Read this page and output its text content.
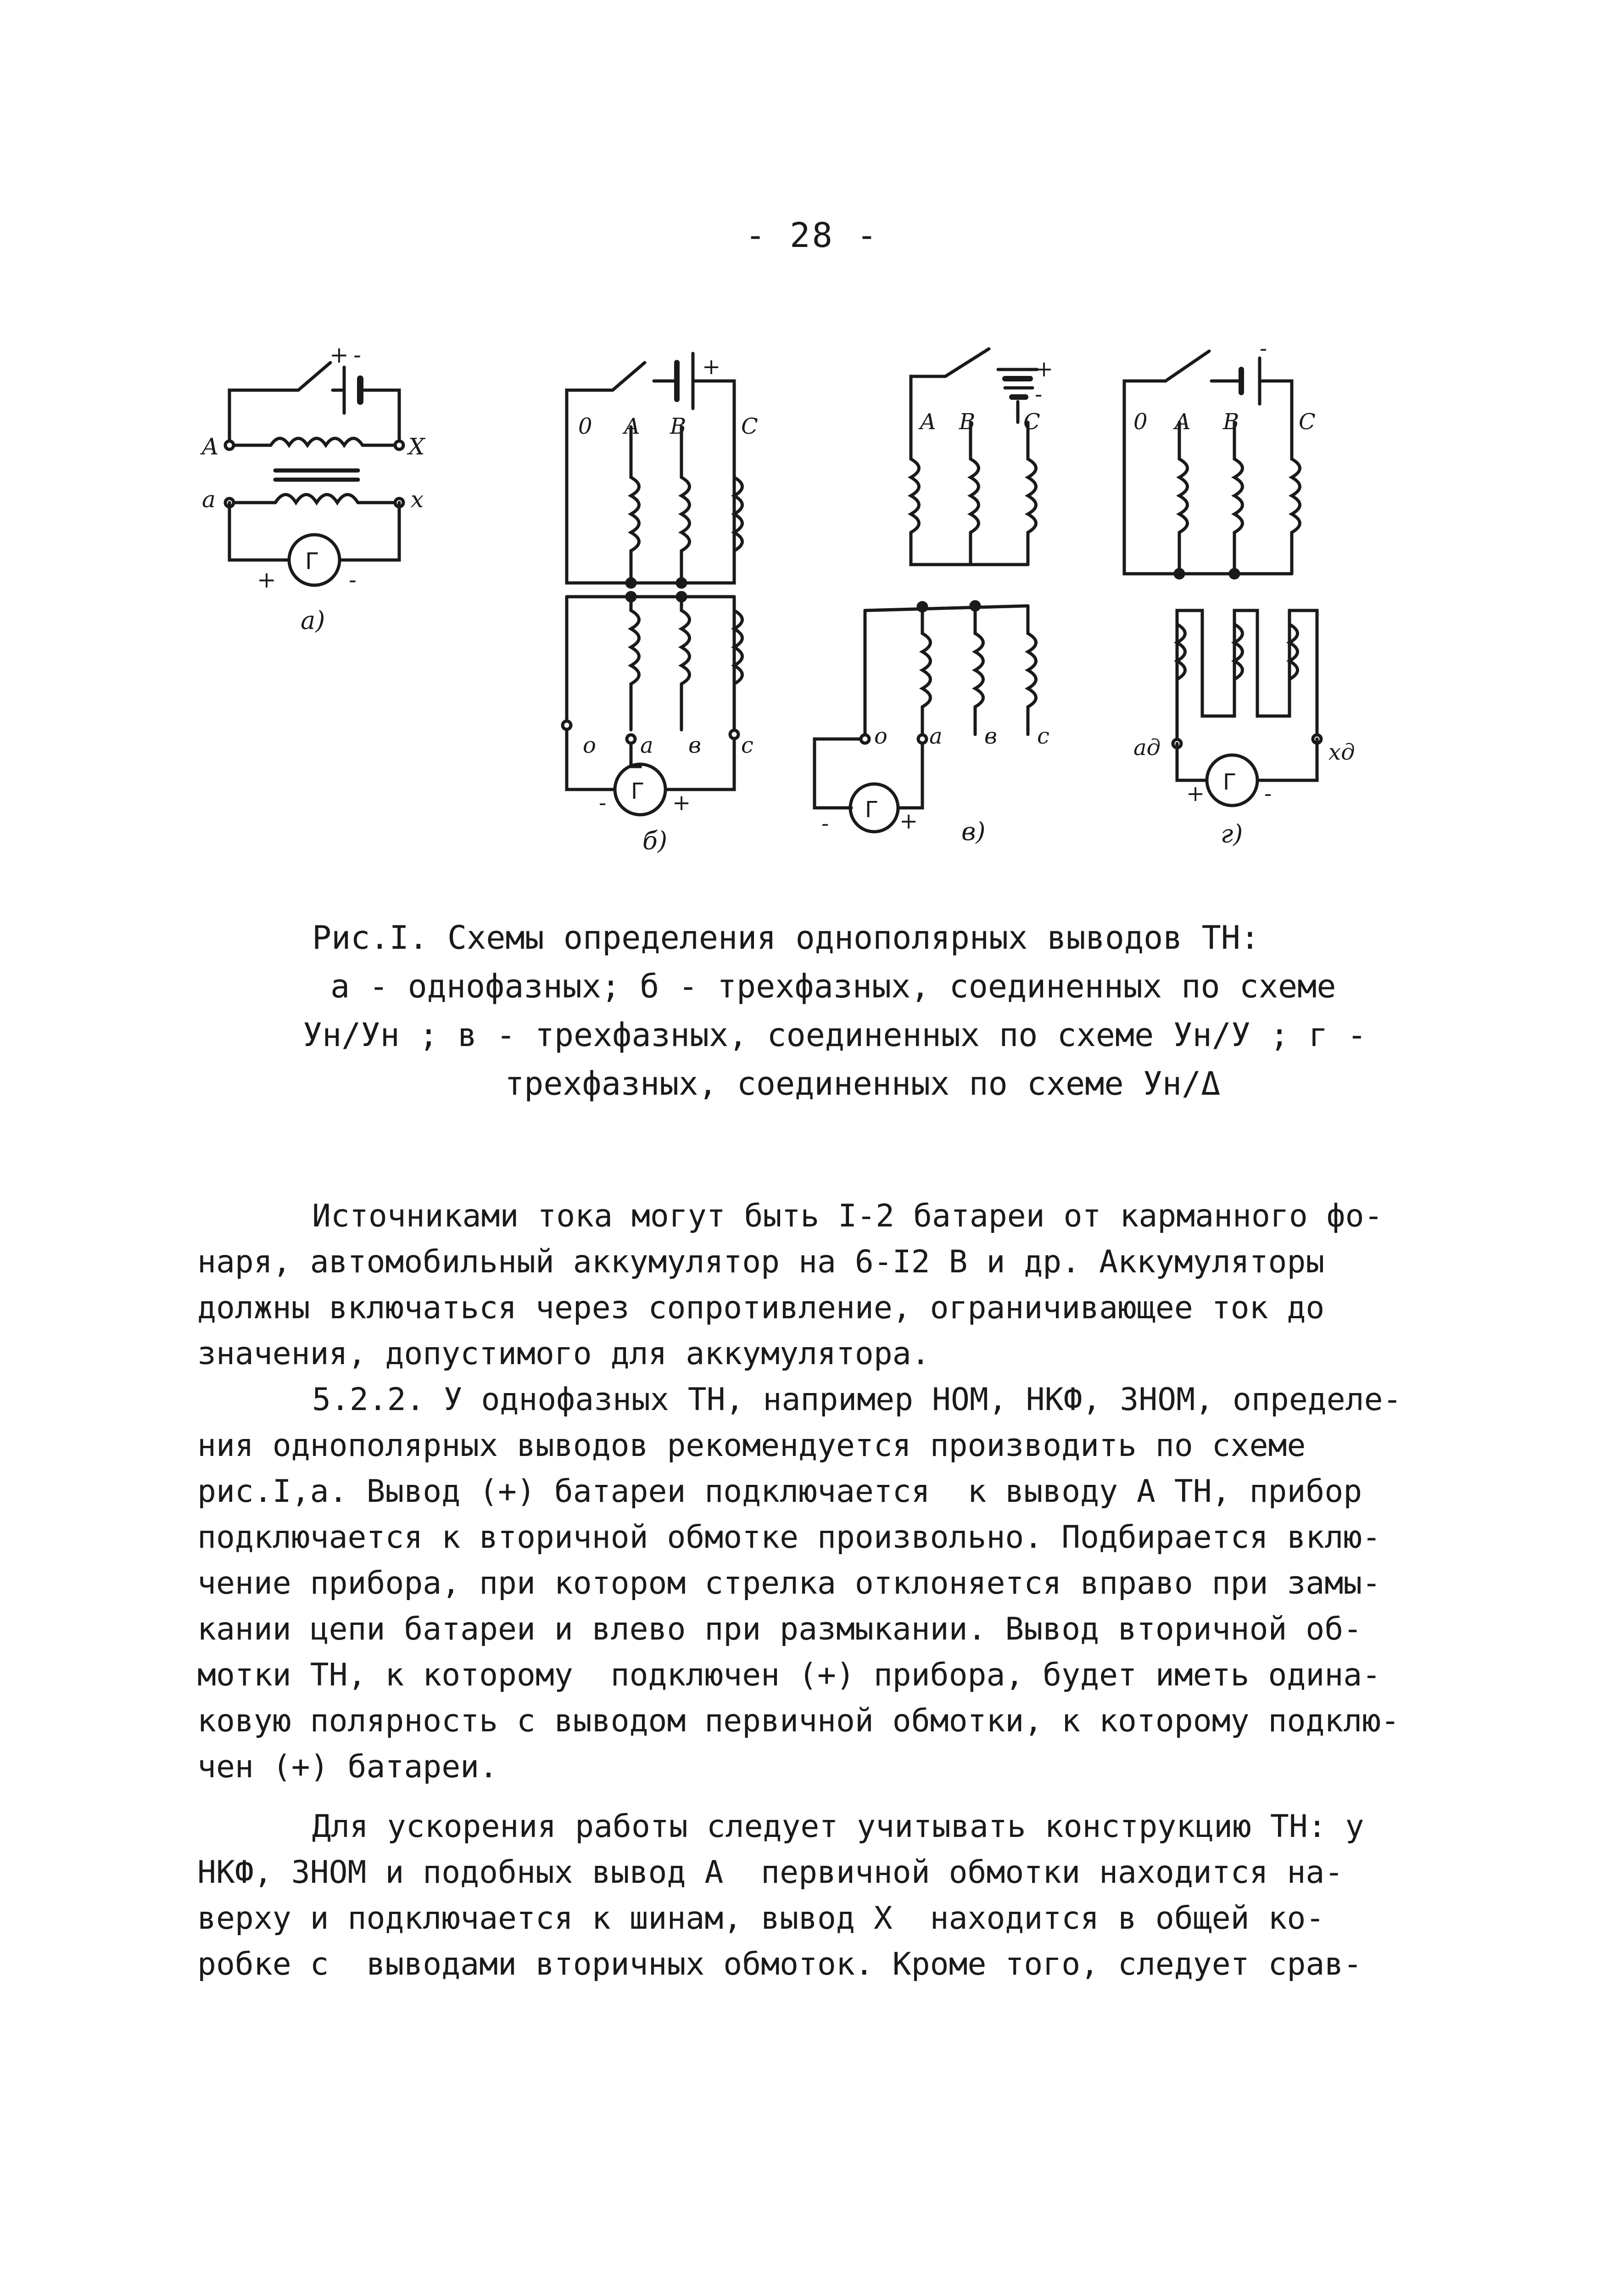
- 28 -
+ -
A	X
a	x
Г
+	-
а)
+
0 A B C
о а в с
Г
-	+
б)
+
-
A B C
о а в с
Г
-	+ в)
-
0 A B	C
aд	xд
Г
+	-
г)
Рис.I. Схемы определения однополярных выводов ТН:
а - однофазных; б - трехфазных, соединенных по схеме
Ун/Ун ; в - трехфазных, соединенных по схеме Ун/У ; г -
трехфазных, соединенных по схеме Ун/Δ
Источниками тока могут быть I-2 батареи от карманного фо-
наря, автомобильный аккумулятор на 6-I2 В и др. Аккумуляторы
должны включаться через сопротивление, ограничивающее ток до
значения, допустимого для аккумулятора.
5.2.2. У однофазных ТН, например НОМ, НКФ, ЗНОМ, определе-
ния однополярных выводов рекомендуется производить по схеме
рис.I,а. Вывод (+) батареи подключается  к выводу А ТН, прибор
подключается к вторичной обмотке произвольно. Подбирается вклю-
чение прибора, при котором стрелка отклоняется вправо при замы-
кании цепи батареи и влево при размыкании. Вывод вторичной об-
мотки ТН, к которому  подключен (+) прибора, будет иметь одина-
ковую полярность с выводом первичной обмотки, к которому подклю-
чен (+) батареи.
Для ускорения работы следует учитывать конструкцию ТН: у
НКФ, ЗНОМ и подобных вывод А  первичной обмотки находится на-
верху и подключается к шинам, вывод Х  находится в общей ко-
робке с  выводами вторичных обмоток. Кроме того, следует срав-
